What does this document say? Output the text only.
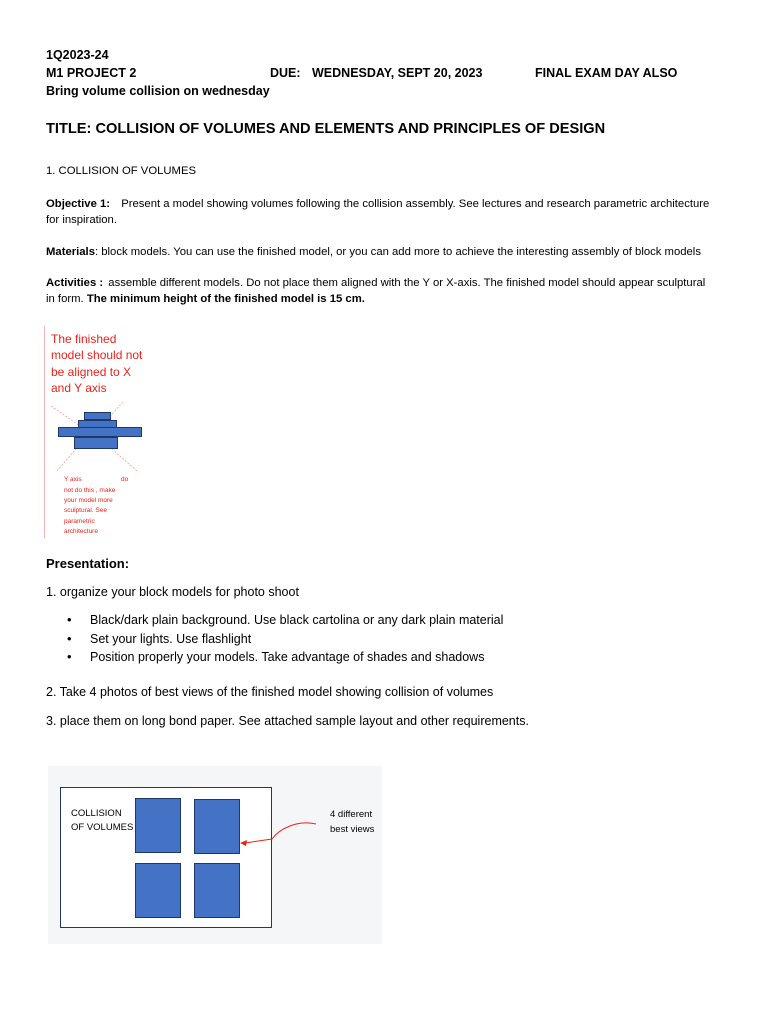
1Q2023-24
M1 PROJECT 2	DUE: WEDNESDAY, SEPT 20, 2023	FINAL EXAM DAY ALSO
Bring volume collision on wednesday
TITLE: COLLISION OF VOLUMES AND ELEMENTS AND PRINCIPLES OF DESIGN
1. COLLISION OF VOLUMES
Objective 1: Present a model showing volumes following the collision assembly. See lectures and research parametric architecture
for inspiration.
Materials: block models. You can use the finished model, or you can add more to achieve the interesting assembly of block models
Activities : assemble different models. Do not place them aligned with the Y or X-axis. The finished model should appear sculptural
in form. The minimum height of the finished model is 15 cm.
The finished
model should not
be aligned to X
and Y axis
Y axis	do
not do this , make
your model more
sculptural. See
parametric
architecture
Presentation:
1. organize your block models for photo shoot
• Black/dark plain background. Use black cartolina or any dark plain material
• Set your lights. Use flashlight
• Position properly your models. Take advantage of shades and shadows
2. Take 4 photos of best views of the finished model showing collision of volumes
3. place them on long bond paper. See attached sample layout and other requirements.
COLLISION
OF VOLUMES
4 different
best views
